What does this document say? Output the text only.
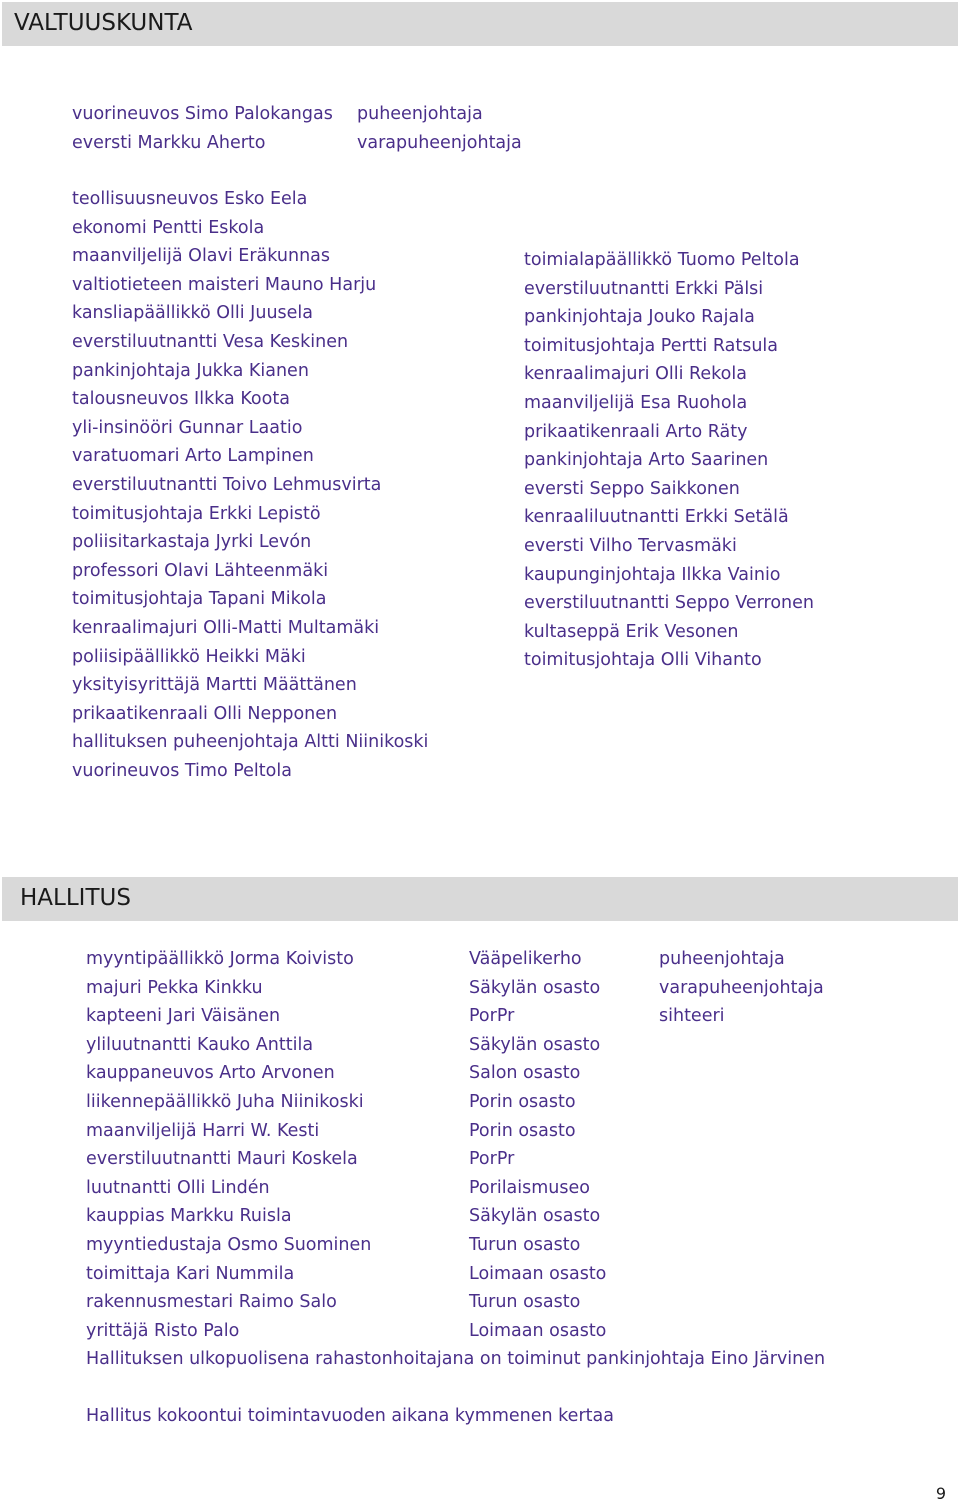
VALTUUSKUNTA
vuorineuvos Simo Palokangas
eversti Markku Aherto
puheenjohtaja
varapuheenjohtaja
teollisuusneuvos Esko Eela
ekonomi Pentti Eskola
maanviljelijä Olavi Eräkunnas
valtiotieteen maisteri Mauno Harju
kansliapäällikkö Olli Juusela
everstiluutnantti Vesa Keskinen
pankinjohtaja Jukka Kianen
talousneuvos Ilkka Koota
yli-insinööri Gunnar Laatio
varatuomari Arto Lampinen
everstiluutnantti Toivo Lehmusvirta
toimitusjohtaja Erkki Lepistö
poliisitarkastaja Jyrki Levón
professori Olavi Lähteenmäki
toimitusjohtaja Tapani Mikola
kenraalimajuri Olli-Matti Multamäki
poliisipäällikkö Heikki Mäki
yksityisyrittäjä Martti Määttänen
prikaatikenraali Olli Nepponen
hallituksen puheenjohtaja Altti Niinikoski
vuorineuvos Timo Peltola
toimialapäällikkö Tuomo Peltola
everstiluutnantti Erkki Pälsi
pankinjohtaja Jouko Rajala
toimitusjohtaja Pertti Ratsula
kenraalimajuri Olli Rekola
maanviljelijä Esa Ruohola
prikaatikenraali Arto Räty
pankinjohtaja Arto Saarinen
eversti Seppo Saikkonen
kenraaliluutnantti Erkki Setälä
eversti Vilho Tervasmäki
kaupunginjohtaja Ilkka Vainio
everstiluutnantti Seppo Verronen
kultaseppä Erik Vesonen
toimitusjohtaja Olli Vihanto
HALLITUS
myyntipäällikkö Jorma Koivisto
majuri Pekka Kinkku
kapteeni Jari Väisänen
yliluutnantti Kauko Anttila
kauppaneuvos Arto Arvonen
liikennepäällikkö Juha Niinikoski
maanviljelijä Harri W. Kesti
everstiluutnantti Mauri Koskela
luutnantti Olli Lindén
kauppias Markku Ruisla
myyntiedustaja Osmo Suominen
toimittaja Kari Nummila
rakennusmestari Raimo Salo
yrittäjä Risto Palo
Vääpelikerho
Säkylän osasto
PorPr
Säkylän osasto
Salon osasto
Porin osasto
Porin osasto
PorPr
Porilaismuseo
Säkylän osasto
Turun osasto
Loimaan osasto
Turun osasto
Loimaan osasto
puheenjohtaja
varapuheenjohtaja
sihteeri
Hallituksen ulkopuolisena rahastonhoitajana on toiminut pankinjohtaja Eino Järvinen
Hallitus kokoontui toimintavuoden aikana kymmenen kertaa
9
